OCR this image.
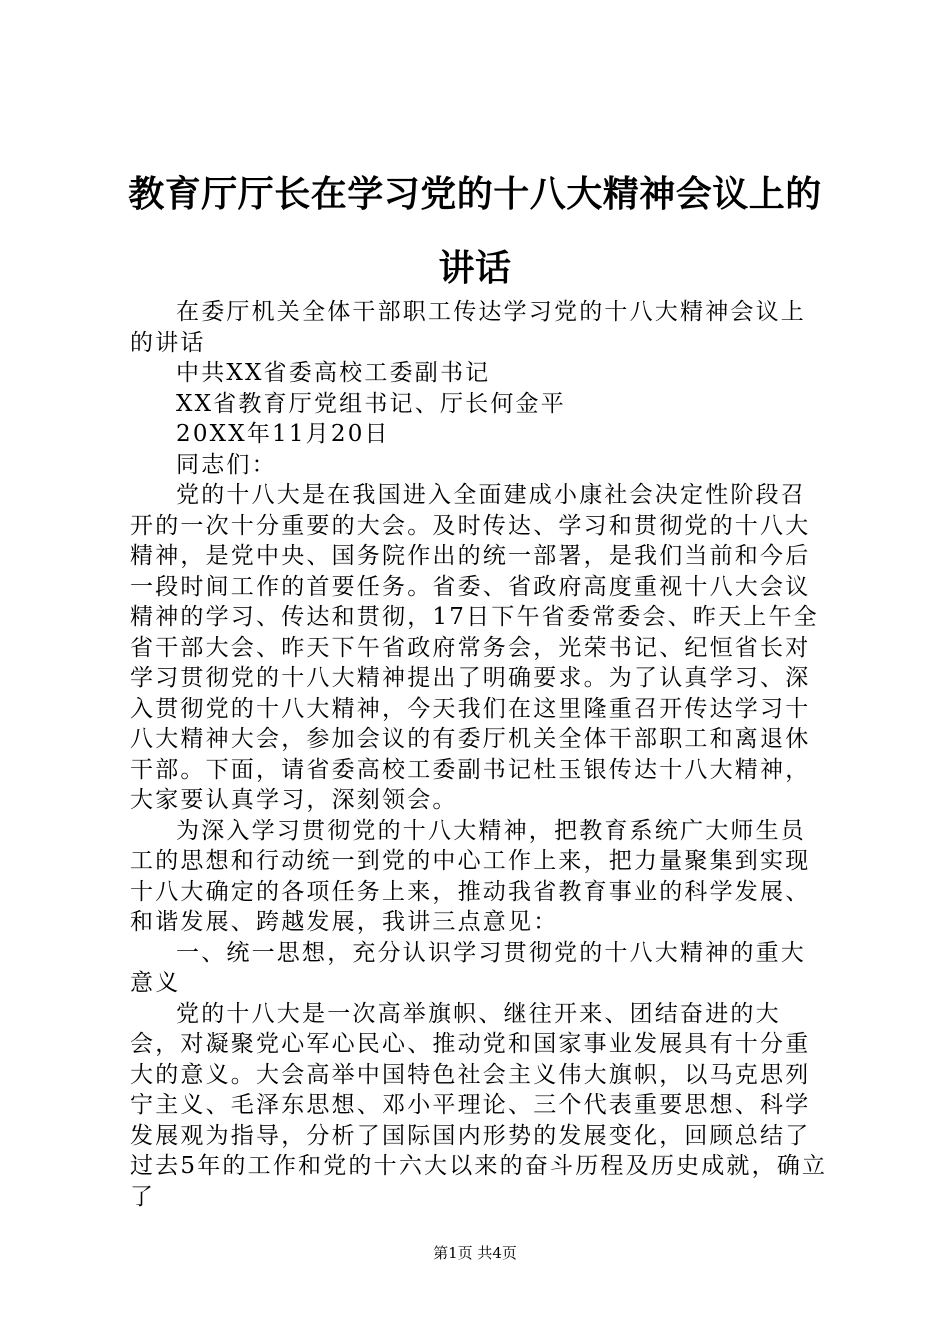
教育厅厅长在学习党的十八大精神会议上的讲话

在委厅机关全体干部职工传达学习党的十八大精神会议上的讲话

中共XX省委高校工委副书记

XX省教育厅党组书记、厅长何金平

20XX年11月20日

同志们：

党的十八大是在我国进入全面建成小康社会决定性阶段召开的一次十分重要的大会。及时传达、学习和贯彻党的十八大精神，是党中央、国务院作出的统一部署，是我们当前和今后一段时间工作的首要任务。省委、省政府高度重视十八大会议精神的学习、传达和贯彻，17日下午省委常委会、昨天上午全省干部大会、昨天下午省政府常务会，光荣书记、纪恒省长对学习贯彻党的十八大精神提出了明确要求。为了认真学习、深入贯彻党的十八大精神，今天我们在这里隆重召开传达学习十八大精神大会，参加会议的有委厅机关全体干部职工和离退休干部。下面，请省委高校工委副书记杜玉银传达十八大精神，大家要认真学习，深刻领会。

为深入学习贯彻党的十八大精神，把教育系统广大师生员工的思想和行动统一到党的中心工作上来，把力量聚集到实现十八大确定的各项任务上来，推动我省教育事业的科学发展、和谐发展、跨越发展，我讲三点意见：

一、统一思想，充分认识学习贯彻党的十八大精神的重大意义

党的十八大是一次高举旗帜、继往开来、团结奋进的大会，对凝聚党心军心民心、推动党和国家事业发展具有十分重大的意义。大会高举中国特色社会主义伟大旗帜，以马克思列宁主义、毛泽东思想、邓小平理论、三个代表重要思想、科学发展观为指导，分析了国际国内形势的发展变化，回顾总结了过去5年的工作和党的十六大以来的奋斗历程及历史成就，确立了

第1页 共4页
